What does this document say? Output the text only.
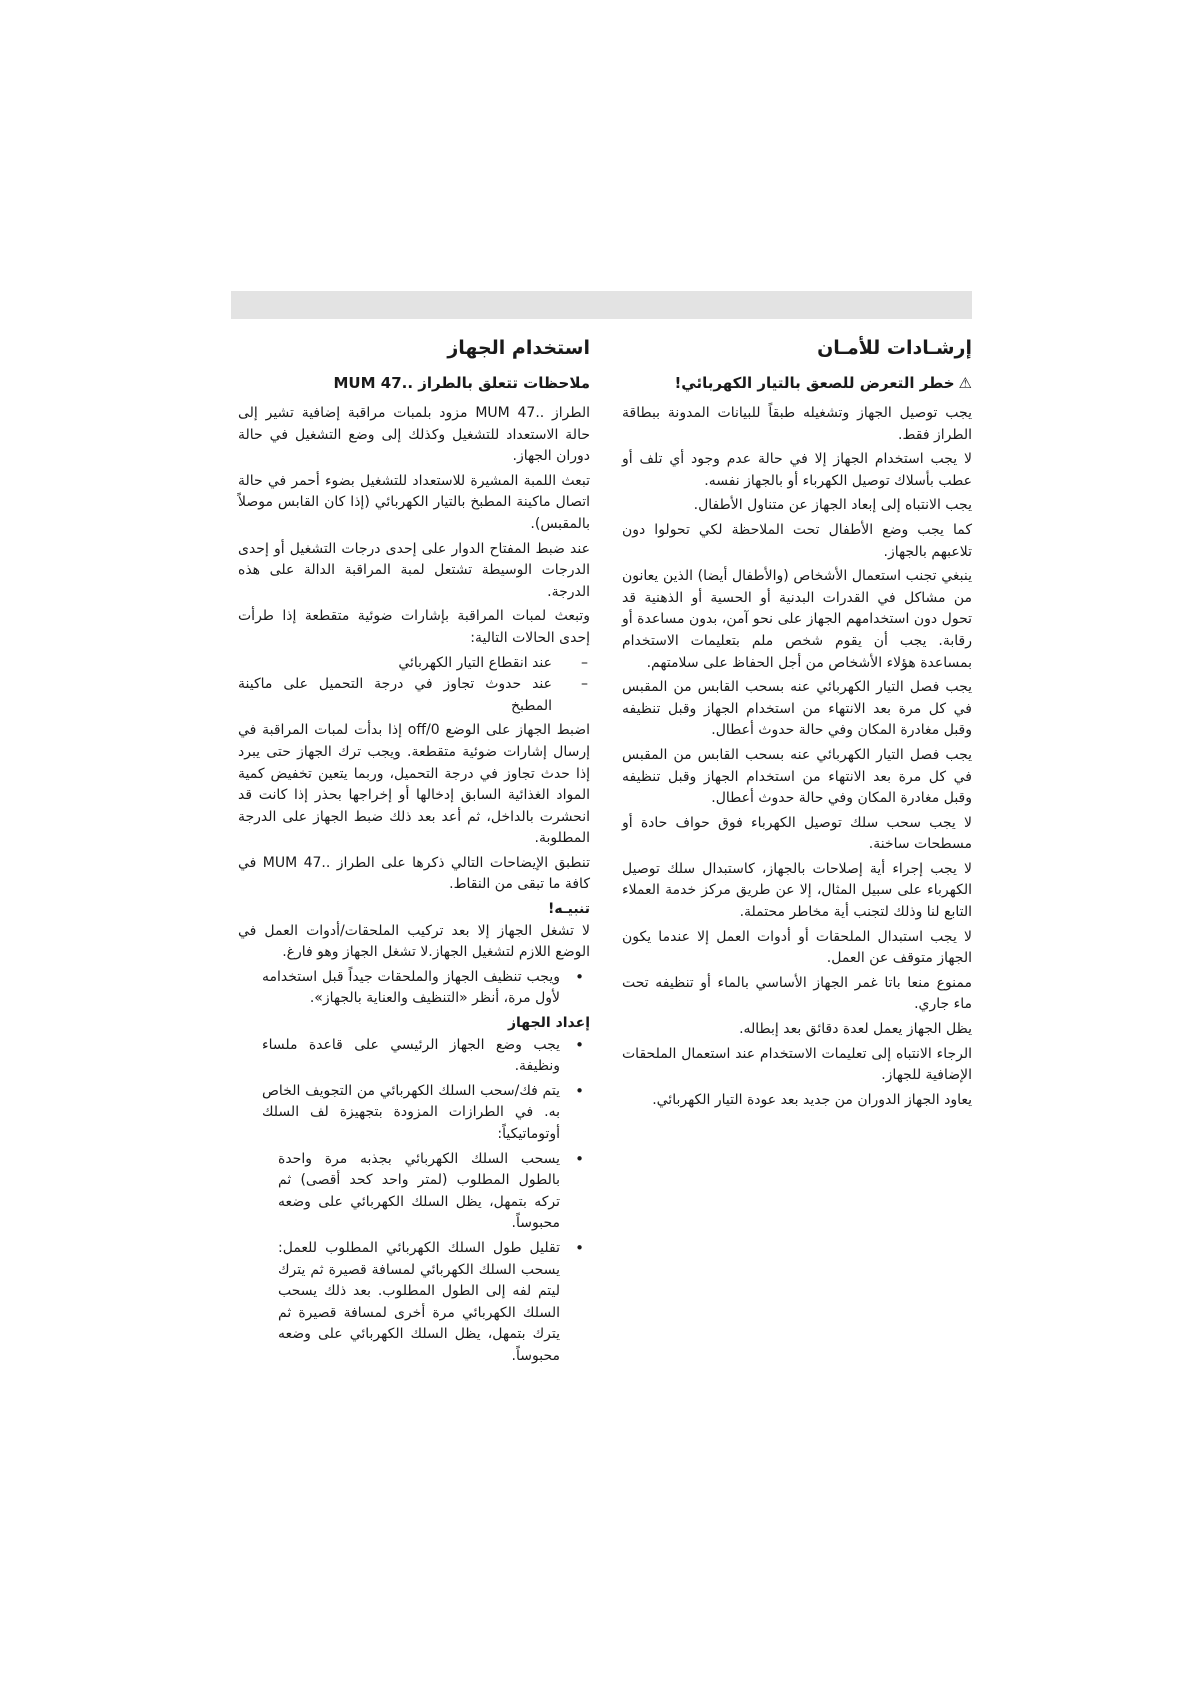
إرشـادات للأمـان
⚠خطر التعرض للصعق بالتيار الكهربائي!

يجب توصيل الجهاز وتشغيله طبقاً للبيانات المدونة ببطاقة الطراز فقط.

لا يجب استخدام الجهاز إلا في حالة عدم وجود أي تلف أو عطب بأسلاك توصيل الكهرباء أو بالجهاز نفسه.

يجب الانتباه إلى إبعاد الجهاز عن متناول الأطفال.

كما يجب وضع الأطفال تحت الملاحظة لكي تحولوا دون تلاعبهم بالجهاز.

ينبغي تجنب استعمال الأشخاص (والأطفال أيضا) الذين يعانون من مشاكل في القدرات البدنية أو الحسية أو الذهنية قد تحول دون استخدامهم الجهاز على نحو آمن، بدون مساعدة أو رقابة. يجب أن يقوم شخص ملم بتعليمات الاستخدام بمساعدة هؤلاء الأشخاص من أجل الحفاظ على سلامتهم.

يجب فصل التيار الكهربائي عنه بسحب القابس من المقبس في كل مرة بعد الانتهاء من استخدام الجهاز وقبل تنظيفه وقبل مغادرة المكان وفي حالة حدوث أعطال.

يجب فصل التيار الكهربائي عنه بسحب القابس من المقبس في كل مرة بعد الانتهاء من استخدام الجهاز وقبل تنظيفه وقبل مغادرة المكان وفي حالة حدوث أعطال.

لا يجب سحب سلك توصيل الكهرباء فوق حواف حادة أو مسطحات ساخنة.

لا يجب إجراء أية إصلاحات بالجهاز، كاستبدال سلك توصيل الكهرباء على سبيل المثال، إلا عن طريق مركز خدمة العملاء التابع لنا وذلك لتجنب أية مخاطر محتملة.

لا يجب استبدال الملحقات أو أدوات العمل إلا عندما يكون الجهاز متوقف عن العمل.

ممنوع منعا باتا غمر الجهاز الأساسي بالماء أو تنظيفه تحت ماء جاري.

يظل الجهاز يعمل لعدة دقائق بعد إبطاله.

الرجاء الانتباه إلى تعليمات الاستخدام عند استعمال الملحقات الإضافية للجهاز.

يعاود الجهاز الدوران من جديد بعد عودة التيار الكهربائي.

استخدام الجهاز
ملاحظات تتعلق بالطراز ..MUM 47

الطراز ..MUM 47 مزود بلمبات مراقبة إضافية تشير إلى حالة الاستعداد للتشغيل وكذلك إلى وضع التشغيل في حالة دوران الجهاز.

تبعث اللمبة المشيرة للاستعداد للتشغيل بضوء أحمر في حالة اتصال ماكينة المطبخ بالتيار الكهربائي (إذا كان القابس موصلاً بالمقبس).

عند ضبط المفتاح الدوار على إحدى درجات التشغيل أو إحدى الدرجات الوسيطة تشتعل لمبة المراقبة الدالة على هذه الدرجة.

وتبعث لمبات المراقبة بإشارات ضوئية متقطعة إذا طرأت إحدى الحالات التالية:

– عند انقطاع التيار الكهربائي
– عند حدوث تجاوز في درجة التحميل على ماكينة المطبخ

اضبط الجهاز على الوضع off/0 إذا بدأت لمبات المراقبة في إرسال إشارات ضوئية متقطعة. ويجب ترك الجهاز حتى يبرد إذا حدث تجاوز في درجة التحميل، وربما يتعين تخفيض كمية المواد الغذائية السابق إدخالها أو إخراجها بحذر إذا كانت قد انحشرت بالداخل، ثم أعد بعد ذلك ضبط الجهاز على الدرجة المطلوبة.

تنطبق الإيضاحات التالي ذكرها على الطراز ..MUM 47 في كافة ما تبقى من النقاط.

تنبيـه!

لا تشغل الجهاز إلا بعد تركيب الملحقات/أدوات العمل في الوضع اللازم لتشغيل الجهاز.لا تشغل الجهاز وهو فارغ.

• ويجب تنظيف الجهاز والملحقات جيداً قبل استخدامه لأول مرة، أنظر «التنظيف والعناية بالجهاز».
إعداد الجهاز
• يجب وضع الجهاز الرئيسي على قاعدة ملساء ونظيفة.
• يتم فك/سحب السلك الكهربائي من التجويف الخاص به. في الطرازات المزودة بتجهيزة لف السلك أوتوماتيكياً:
• يسحب السلك الكهربائي بجذبه مرة واحدة بالطول المطلوب (لمتر واحد كحد أقصى) ثم تركه بتمهل، يظل السلك الكهربائي على وضعه محبوساً.
• تقليل طول السلك الكهربائي المطلوب للعمل: يسحب السلك الكهربائي لمسافة قصيرة ثم يترك ليتم لفه إلى الطول المطلوب. بعد ذلك يسحب السلك الكهربائي مرة أخرى لمسافة قصيرة ثم يترك بتمهل، يظل السلك الكهربائي على وضعه محبوساً.
